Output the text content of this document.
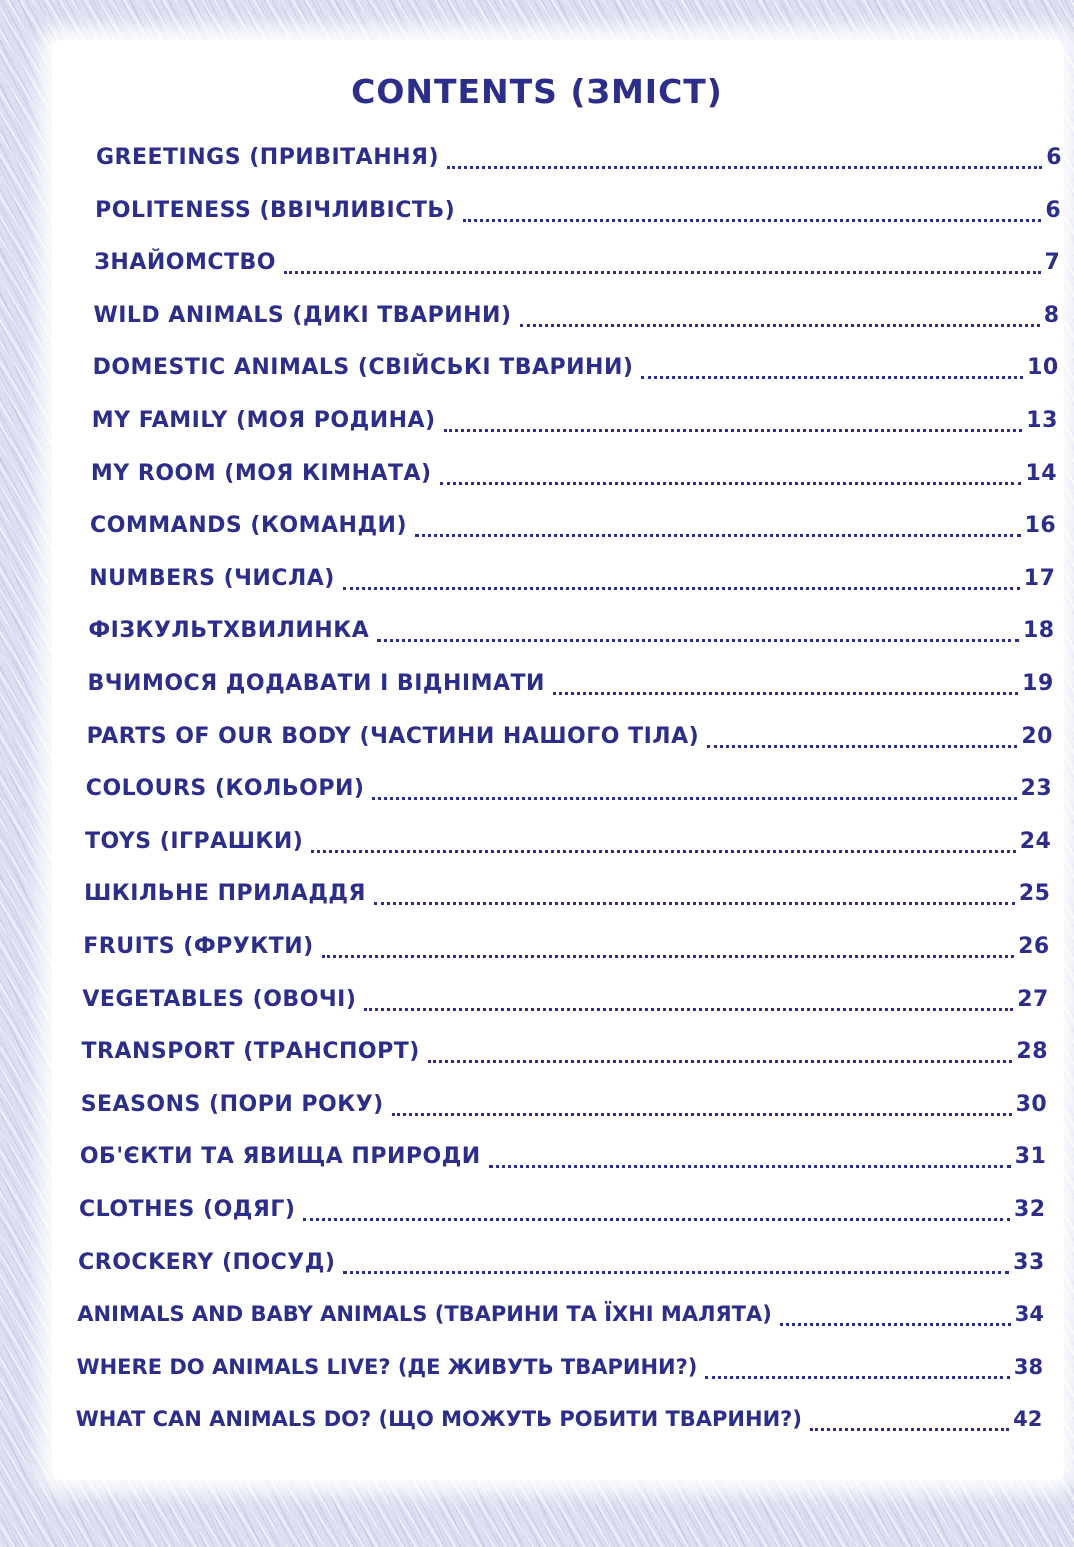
CONTENTS (ЗМІСТ)
GREETINGS (ПРИВІТАННЯ)	6
POLITENESS (ВВІЧЛИВІСТЬ)	6
ЗНАЙОМСТВО	7
WILD ANIMALS (ДИКІ ТВАРИНИ)	8
DOMESTIC ANIMALS (СВІЙСЬКІ ТВАРИНИ)	10
MY FAMILY (МОЯ РОДИНА)	13
MY ROOM (МОЯ КІМНАТА)	14
COMMANDS (КОМАНДИ)	16
NUMBERS (ЧИСЛА)	17
ФІЗКУЛЬТХВИЛИНКА	18
ВЧИМОСЯ ДОДАВАТИ І ВІДНІМАТИ	19
PARTS OF OUR BODY (ЧАСТИНИ НАШОГО ТІЛА)	20
COLOURS (КОЛЬОРИ)	23
TOYS (ІГРАШКИ)	24
ШКІЛЬНЕ ПРИЛАДДЯ	25
FRUITS (ФРУКТИ)	26
VEGETABLES (ОВОЧІ)	27
TRANSPORT (ТРАНСПОРТ)	28
SEASONS (ПОРИ РОКУ)	30
ОБ'ЄКТИ ТА ЯВИЩА ПРИРОДИ	31
CLOTHES (ОДЯГ)	32
CROCKERY (ПОСУД)	33
ANIMALS AND BABY ANIMALS (ТВАРИНИ ТА ЇХНІ МАЛЯТА)	34
WHERE DO ANIMALS LIVE? (ДЕ ЖИВУТЬ ТВАРИНИ?)	38
WHAT CAN ANIMALS DO? (ЩО МОЖУТЬ РОБИТИ ТВАРИНИ?)	42
